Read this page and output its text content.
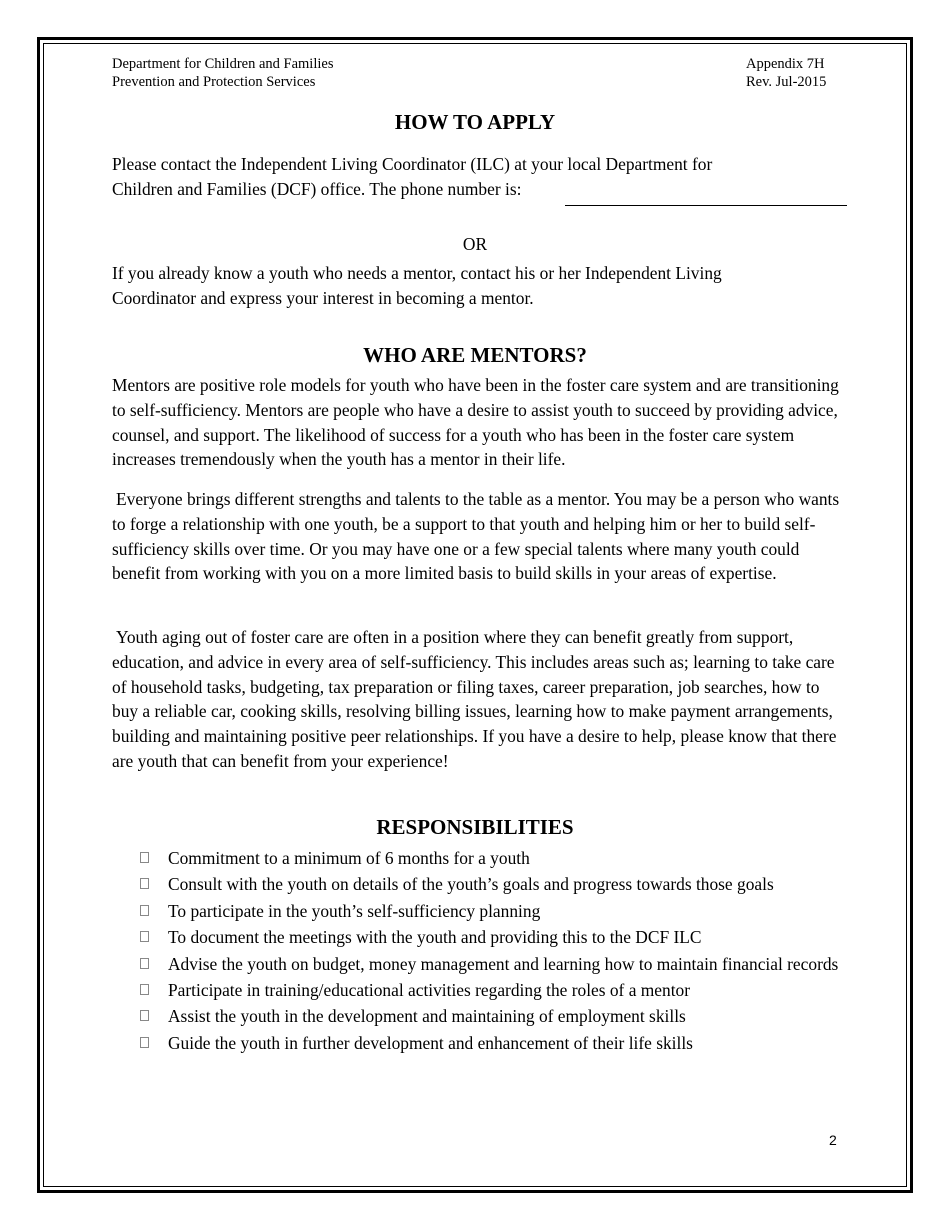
Department for Children and Families
Prevention and Protection Services
Appendix 7H
Rev. Jul-2015
HOW TO APPLY
Please contact the Independent Living Coordinator (ILC) at your local Department for Children and Families (DCF) office. The phone number is:
OR
If you already know a youth who needs a mentor, contact his or her Independent Living Coordinator and express your interest in becoming a mentor.
WHO ARE MENTORS?
Mentors are positive role models for youth who have been in the foster care system and are transitioning to self-sufficiency. Mentors are people who have a desire to assist youth to succeed by providing advice, counsel, and support. The likelihood of success for a youth who has been in the foster care system increases tremendously when the youth has a mentor in their life.
Everyone brings different strengths and talents to the table as a mentor. You may be a person who wants to forge a relationship with one youth, be a support to that youth and helping him or her to build self-sufficiency skills over time. Or you may have one or a few special talents where many youth could benefit from working with you on a more limited basis to build skills in your areas of expertise.
Youth aging out of foster care are often in a position where they can benefit greatly from support, education, and advice in every area of self-sufficiency. This includes areas such as; learning to take care of household tasks, budgeting, tax preparation or filing taxes, career preparation, job searches, how to buy a reliable car, cooking skills, resolving billing issues, learning how to make payment arrangements, building and maintaining positive peer relationships. If you have a desire to help, please know that there are youth that can benefit from your experience!
RESPONSIBILITIES
Commitment to a minimum of 6 months for a youth
Consult with the youth on details of the youth’s goals and progress towards those goals
To participate in the youth’s self-sufficiency planning
To document the meetings with the youth and providing this to the DCF ILC
Advise the youth on budget, money management and learning how to maintain financial records
Participate in training/educational activities regarding the roles of a mentor
Assist the youth in the development and maintaining of employment skills
Guide the youth in further development and enhancement of their life skills
2
